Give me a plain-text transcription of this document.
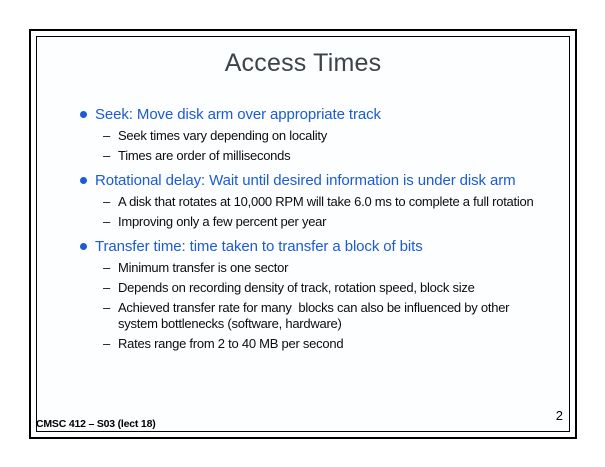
Access Times
Seek: Move disk arm over appropriate track
– Seek times vary depending on locality
– Times are order of milliseconds
Rotational delay: Wait until desired information is under disk arm
– A disk that rotates at 10,000 RPM will take 6.0 ms to complete a full rotation
– Improving only a few percent per year
Transfer time: time taken to transfer a block of bits
– Minimum transfer is one sector
– Depends on recording density of track, rotation speed, block size
– Achieved transfer rate for many  blocks can also be influenced by other system bottlenecks (software, hardware)
– Rates range from 2 to 40 MB per second
CMSC 412 – S03 (lect 18)
2
